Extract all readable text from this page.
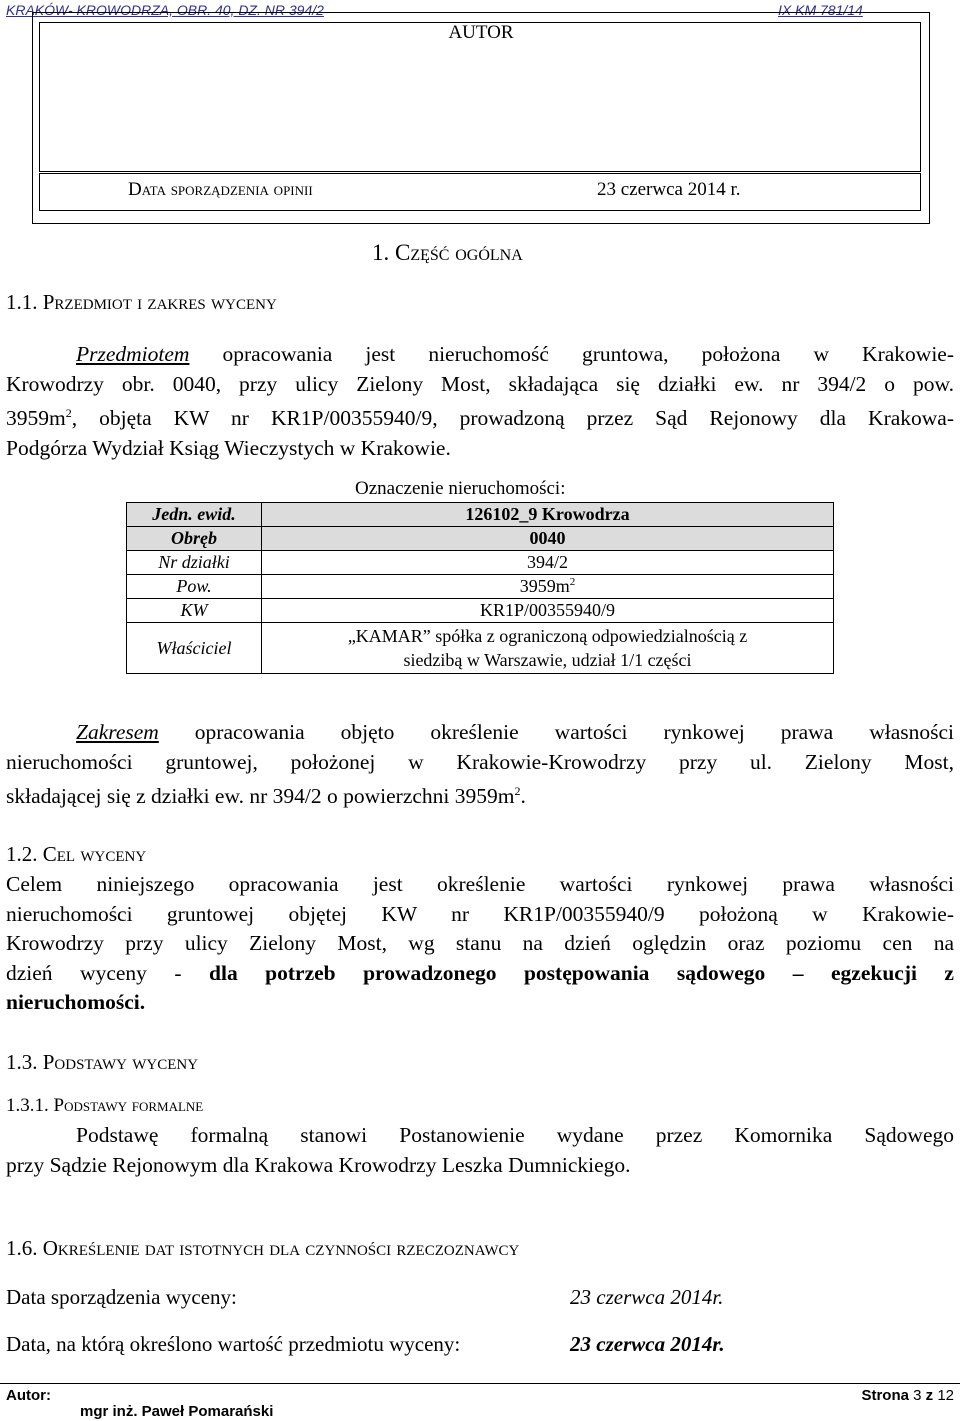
KRAKÓW- KROWODRZA, OBR. 40, DZ. NR 394/2	IX KM 781/14
AUTOR
Data sporządzenia opinii	23 czerwca 2014 r.
1. Część ogólna
1.1. Przedmiot i zakres wyceny
Przedmiotem opracowania jest nieruchomość gruntowa, położona w Krakowie-
Krowodrzy obr. 0040, przy ulicy Zielony Most, składająca się działki ew. nr 394/2 o pow.
$3959m^2$, objęta KW nr KR1P/00355940/9, prowadzoną przez Sąd Rejonowy dla Krakowa-
Podgórza Wydział Ksiąg Wieczystych w Krakowie.
Oznaczenie nieruchomości:
Jedn. ewid.	126102_9 Krowodrza
Obręb	0040
Nr działki	394/2
Pow.	$3959m^2$
KW	KR1P/00355940/9
Właściciel	„KAMAR” spółka z ograniczoną odpowiedzialnością z
siedzibą w Warszawie, udział 1/1 części
Zakresem opracowania objęto określenie wartości rynkowej prawa własności
nieruchomości gruntowej, położonej w Krakowie-Krowodrzy przy ul. Zielony Most,
składającej się z działki ew. nr 394/2 o powierzchni $3959m^2$.
1.2. Cel wyceny
Celem niniejszego opracowania jest określenie wartości rynkowej prawa własności
nieruchomości gruntowej objętej KW nr KR1P/00355940/9 położoną w Krakowie-
Krowodrzy przy ulicy Zielony Most, wg stanu na dzień oględzin oraz poziomu cen na
dzień wyceny - dla potrzeb prowadzonego postępowania sądowego – egzekucji z
nieruchomości.
1.3. Podstawy wyceny
1.3.1. Podstawy formalne
Podstawę formalną stanowi Postanowienie wydane przez Komornika Sądowego
przy Sądzie Rejonowym dla Krakowa Krowodrzy Leszka Dumnickiego.
1.6. Określenie dat istotnych dla czynności rzeczoznawcy
Data sporządzenia wyceny:	23 czerwca 2014r.
Data, na którą określono wartość przedmiotu wyceny:	23 czerwca 2014r.
Autor:
mgr inż. Paweł Pomarański
Strona 3 z 12
